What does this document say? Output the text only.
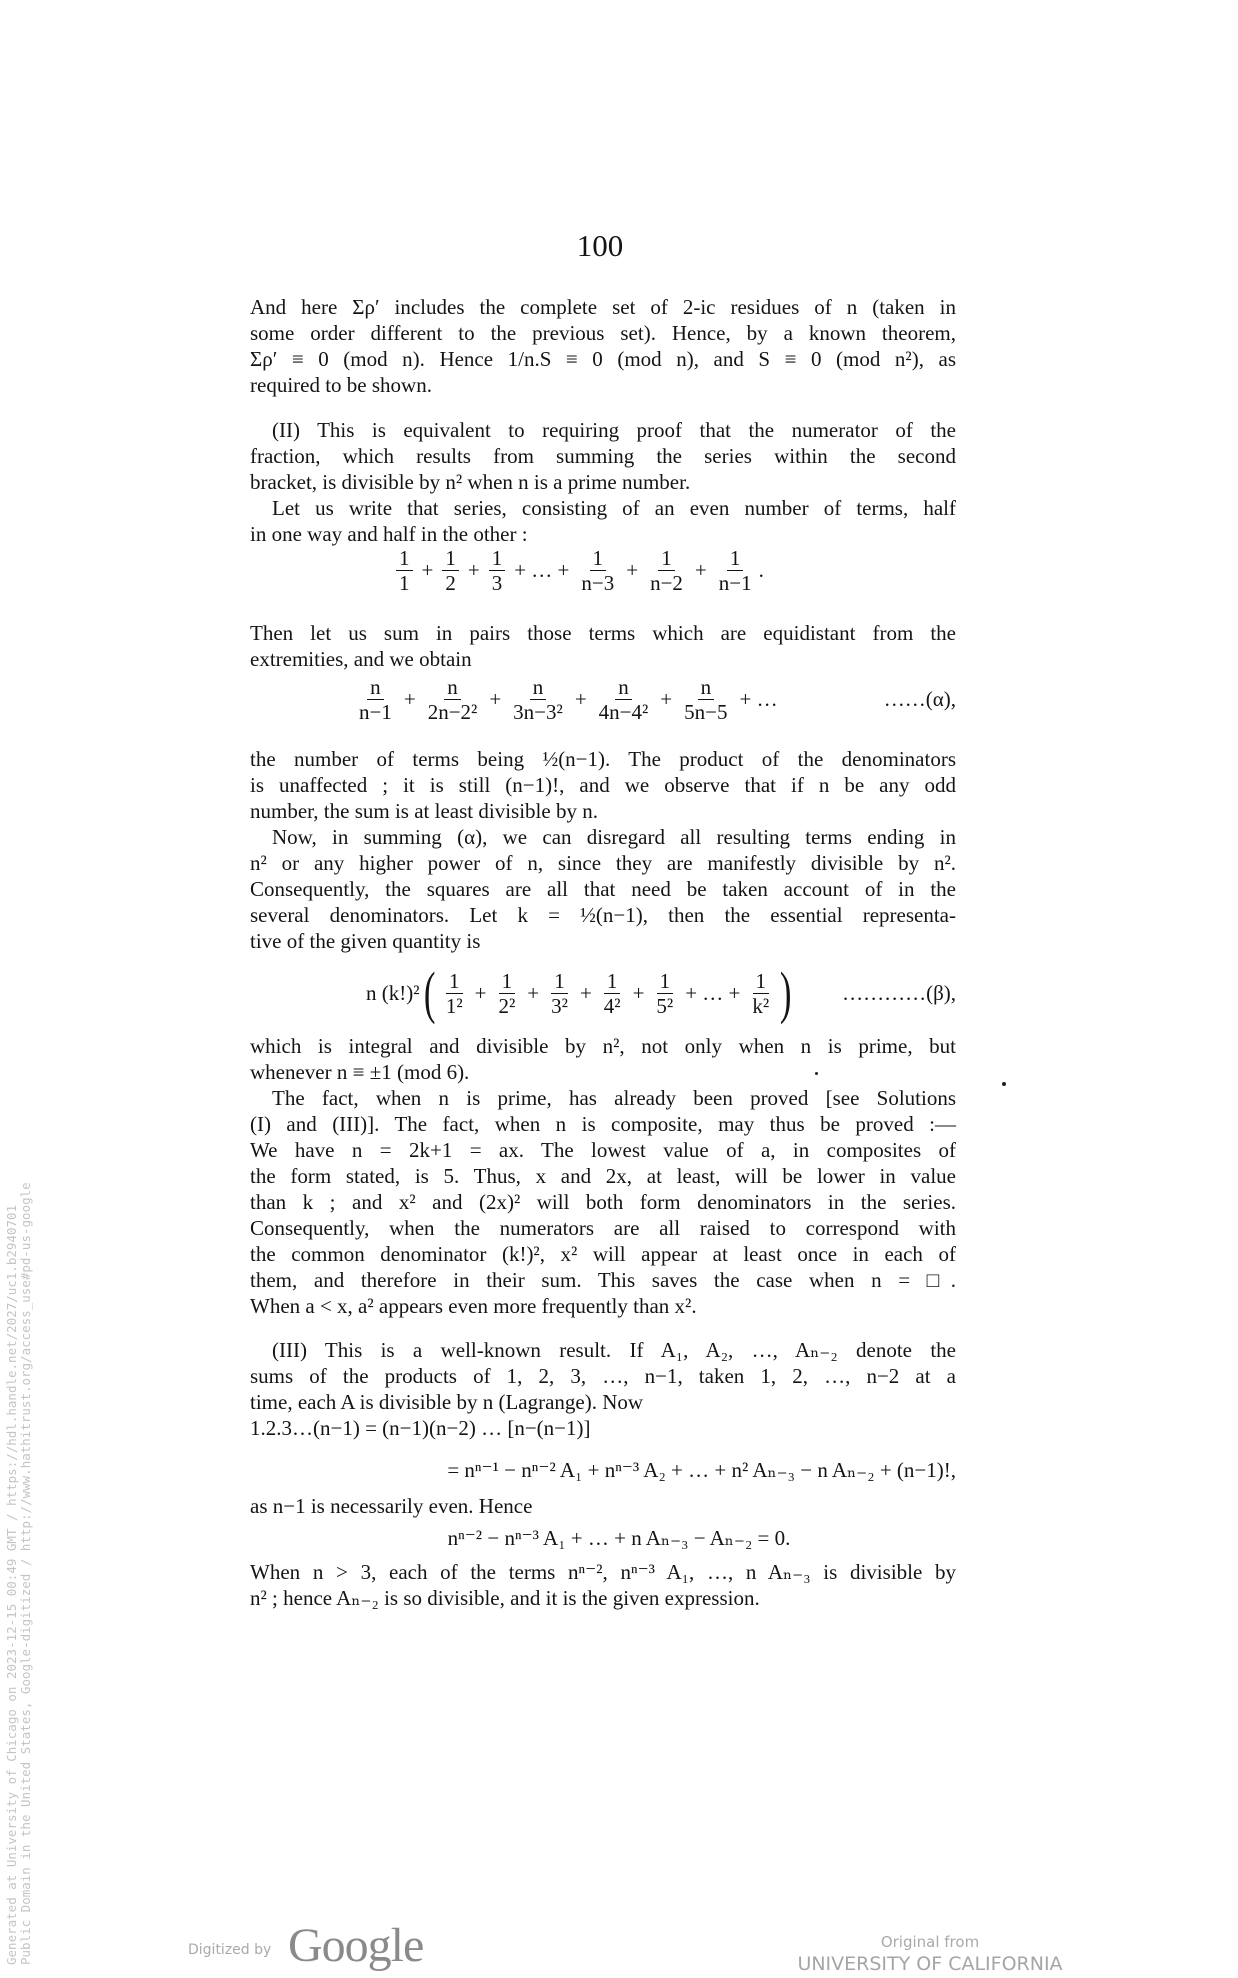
100
And here Σρ′ includes the complete set of 2-ic residues of n (taken in
some order different to the previous set). Hence, by a known theorem,
Σρ′ ≡ 0 (mod n). Hence 1/n.S ≡ 0 (mod n), and S ≡ 0 (mod n²), as
required to be shown.
(II) This is equivalent to requiring proof that the numerator of the
fraction, which results from summing the series within the second
bracket, is divisible by n² when n is a prime number.
Let us write that series, consisting of an even number of terms, half
in one way and half in the other :
$\frac{1}{1} + \frac{1}{2} + \frac{1}{3}$ + … + $\frac{1}{n-3} + \frac{1}{n-2} + \frac{1}{n-1}$ .
Then let us sum in pairs those terms which are equidistant from the
extremities, and we obtain
$\frac{n}{n-1} + \frac{n}{\text{2n−2²}} + \frac{n}{\text{3n−3²}} + \frac{n}{\text{4n−4²}} + \frac{n}{5n-5}$ + …	……(α),
the number of terms being ½(n−1). The product of the denominators
is unaffected ; it is still (n−1)!, and we observe that if n be any odd
number, the sum is at least divisible by n.
Now, in summing (α), we can disregard all resulting terms ending in
n² or any higher power of n, since they are manifestly divisible by n².
Consequently, the squares are all that need be taken account of in the
several denominators. Let k = ½(n−1), then the essential representa-
tive of the given quantity is
n (k!)² ( $\frac{1}{\text{1²}} + \frac{1}{\text{2²}} + \frac{1}{\text{3²}} + \frac{1}{\text{4²}} + \frac{1}{\text{5²}}$ + … + $\frac{1}{\text{k²}}$ ) …………(β),
which is integral and divisible by n², not only when n is prime, but
whenever n ≡ ±1 (mod 6).
The fact, when n is prime, has already been proved [see Solutions
(I) and (III)]. The fact, when n is composite, may thus be proved :—
We have n = 2k+1 = ax. The lowest value of a, in composites of
the form stated, is 5. Thus, x and 2x, at least, will be lower in value
than k ; and x² and (2x)² will both form denominators in the series.
Consequently, when the numerators are all raised to correspond with
the common denominator (k!)², x² will appear at least once in each of
them, and therefore in their sum. This saves the case when n = □.
When a < x, a² appears even more frequently than x².
(III) This is a well-known result. If A₁, A₂, …, Aₙ₋₂ denote the
sums of the products of 1, 2, 3, …, n−1, taken 1, 2, …, n−2 at a
time, each A is divisible by n (Lagrange). Now
1.2.3…(n−1) = (n−1)(n−2) … [n−(n−1)]
= nⁿ⁻¹ − nⁿ⁻² A₁ + nⁿ⁻³ A₂ + … + n² Aₙ₋₃ − n Aₙ₋₂ + (n−1)!,
as n−1 is necessarily even. Hence
nⁿ⁻² − nⁿ⁻³ A₁ + … + n Aₙ₋₃ − Aₙ₋₂ = 0.
When n > 3, each of the terms nⁿ⁻², nⁿ⁻³ A₁, …, n Aₙ₋₃ is divisible by
n² ; hence Aₙ₋₂ is so divisible, and it is the given expression.
Generated at University of Chicago on 2023-12-15 00:49 GMT / https://hdl.handle.net/2027/uc1.b2940701 Public Domain in the United States, Google-digitized / http://www.hathitrust.org/access_use#pd-us-google	Digitized by Google	Original from
UNIVERSITY OF CALIFORNIA
